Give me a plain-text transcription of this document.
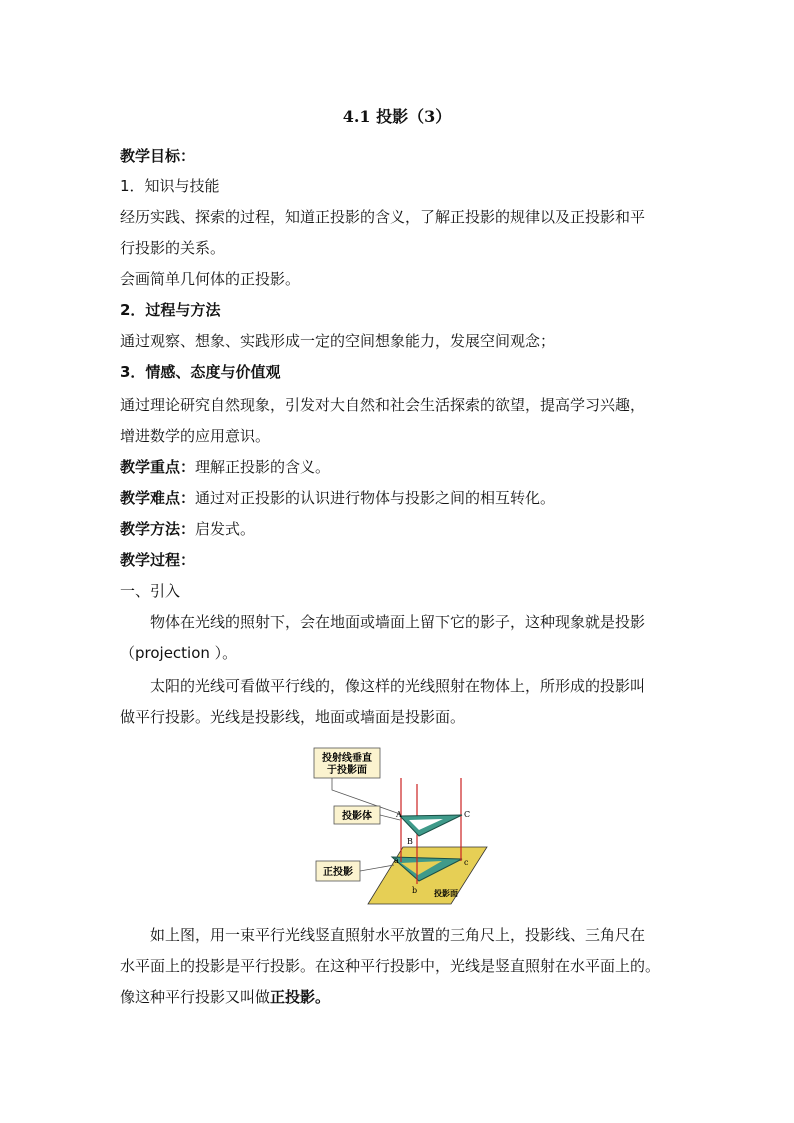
4.1 投影（3）
教学目标：
1．知识与技能
经历实践、探索的过程，知道正投影的含义，了解正投影的规律以及正投影和平
行投影的关系。
会画简单几何体的正投影。
2．过程与方法
通过观察、想象、实践形成一定的空间想象能力，发展空间观念；
3．情感、态度与价值观
通过理论研究自然现象，引发对大自然和社会生活探索的欲望，提高学习兴趣，
增进数学的应用意识。
教学重点：理解正投影的含义。
教学难点：通过对正投影的认识进行物体与投影之间的相互转化。
教学方法：启发式。
教学过程：
一、引入
物体在光线的照射下，会在地面或墙面上留下它的影子，这种现象就是投影
（projection ）。
太阳的光线可看做平行线的，像这样的光线照射在物体上，所形成的投影叫
做平行投影。光线是投影线，地面或墙面是投影面。
投射线垂直
于投影面
投影体
正投影
A
B
C
a
b
c
投影面
如上图，用一束平行光线竖直照射水平放置的三角尺上，投影线、三角尺在
水平面上的投影是平行投影。在这种平行投影中，光线是竖直照射在水平面上的。
像这种平行投影又叫做正投影。
